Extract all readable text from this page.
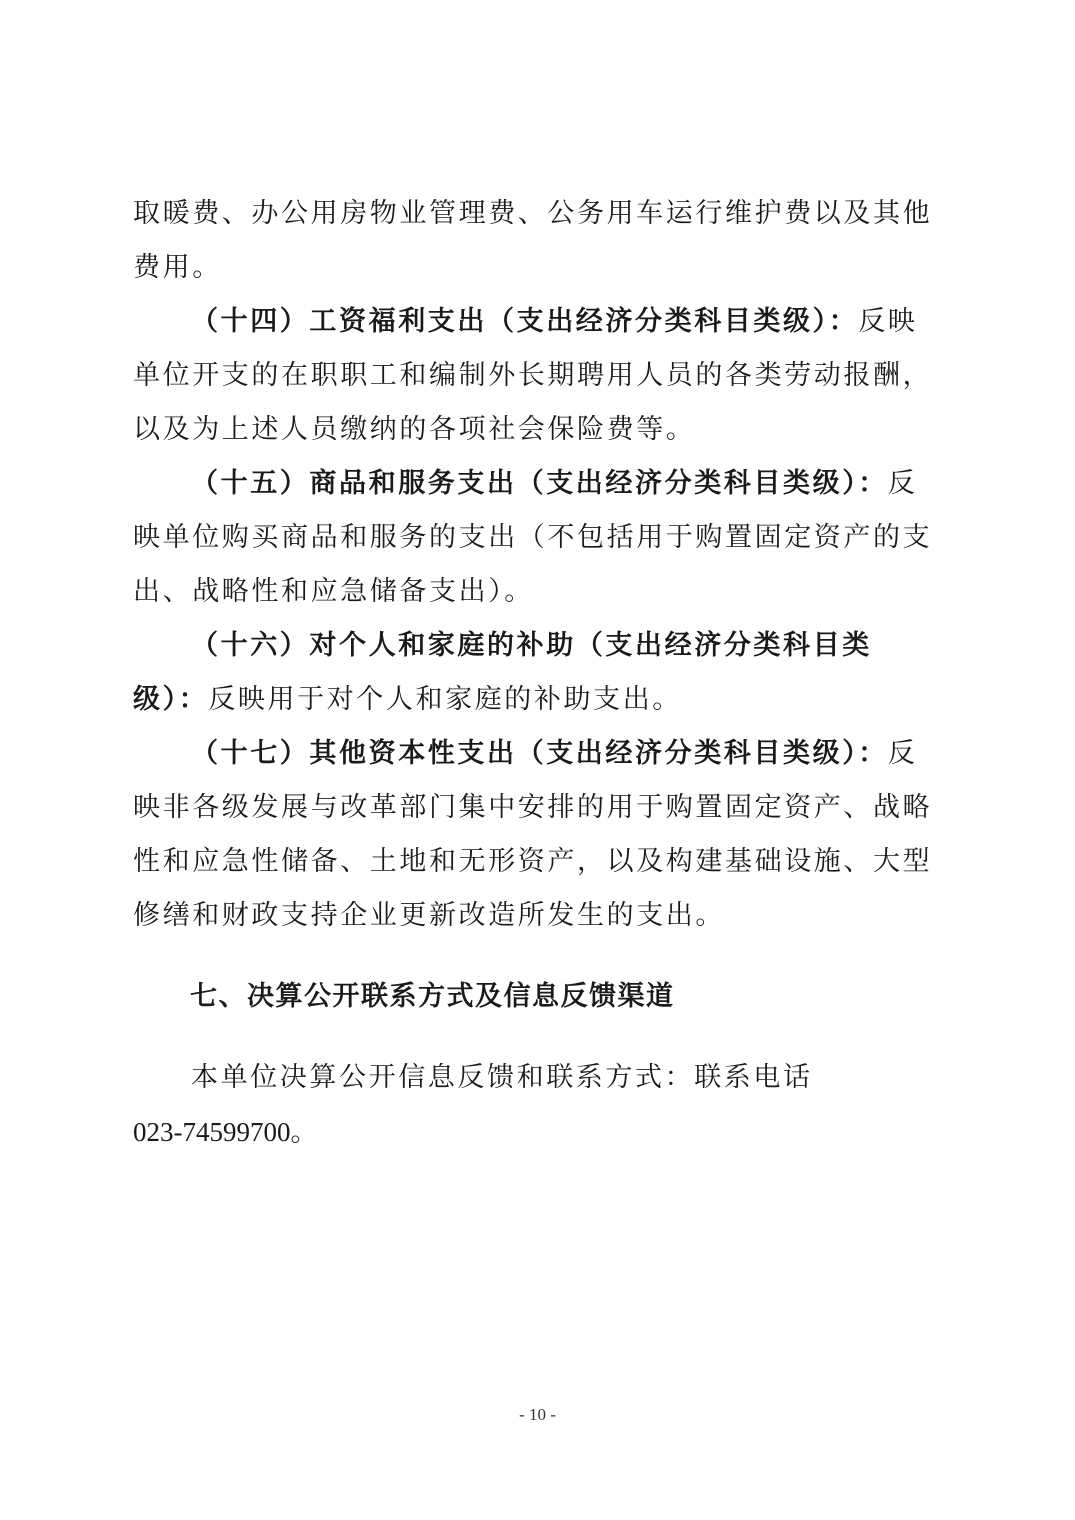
取暖费、办公用房物业管理费、公务用车运行维护费以及其他费用。

（十四）工资福利支出（支出经济分类科目类级）：反映单位开支的在职职工和编制外长期聘用人员的各类劳动报酬，以及为上述人员缴纳的各项社会保险费等。

（十五）商品和服务支出（支出经济分类科目类级）：反映单位购买商品和服务的支出（不包括用于购置固定资产的支出、战略性和应急储备支出）。

（十六）对个人和家庭的补助（支出经济分类科目类级）：反映用于对个人和家庭的补助支出。

（十七）其他资本性支出（支出经济分类科目类级）：反映非各级发展与改革部门集中安排的用于购置固定资产、战略性和应急性储备、土地和无形资产，以及构建基础设施、大型修缮和财政支持企业更新改造所发生的支出。

七、决算公开联系方式及信息反馈渠道

本单位决算公开信息反馈和联系方式：联系电话

023-74599700。

- 10 -
